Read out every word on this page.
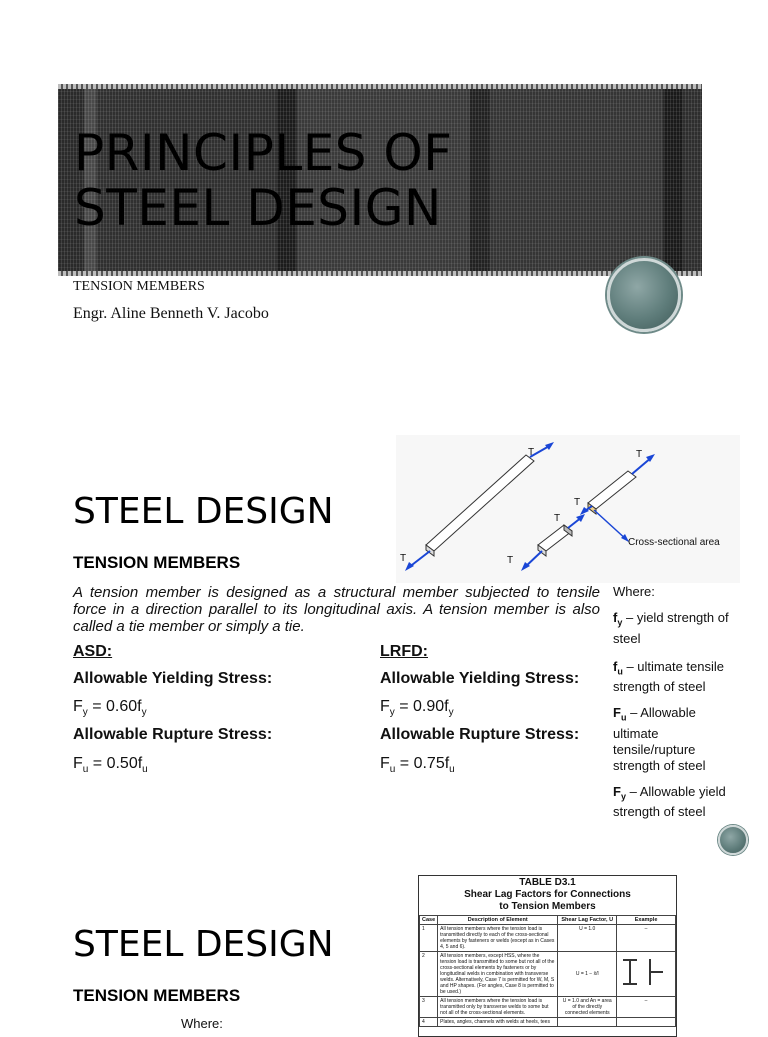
PRINCIPLES OF STEEL DESIGN
TENSION MEMBERS
Engr. Aline Benneth V. Jacobo
STEEL DESIGN
TENSION MEMBERS
T
T
T
T
T
T
Cross-sectional area
A tension member is designed as a structural member subjected to tensile force in a direction parallel to its longitudinal axis. A tension member is also called a tie member or simply a tie.
ASD:
Allowable Yielding Stress:
$F_y = 0.60f_y$
Allowable Rupture Stress:
$F_u = 0.50f_u$
LRFD:
Allowable Yielding Stress:
$F_y = 0.90f_y$
Allowable Rupture Stress:
$F_u = 0.75f_u$
Where:
$f_y$ – yield strength of steel
$f_u$ – ultimate tensile strength of steel
$F_u$ – Allowable ultimate tensile/rupture strength of steel
$F_y$ – Allowable yield strength of steel
STEEL DESIGN
TENSION MEMBERS
Where:
TABLE D3.1
Shear Lag Factors for Connections
to Tension Members
Case	Description of Element	Shear Lag Factor, U	Example
1	All tension members where the tension load is transmitted directly to each of the cross-sectional elements by fasteners or welds (except as in Cases 4, 5 and 6).	U = 1.0	–
2	All tension members, except HSS, where the tension load is transmitted to some but not all of the cross-sectional elements by fasteners or by longitudinal welds in combination with transverse welds. Alternatively, Case 7 is permitted for W, M, S and HP shapes. (For angles, Case 8 is permitted to be used.)	U = 1 − x̄/l	
3	All tension members where the tension load is transmitted only by transverse welds to some but not all of the cross-sectional elements.	U = 1.0 and An = area of the directly connected elements	–
4	Plates, angles, channels with welds at heels, tees		
